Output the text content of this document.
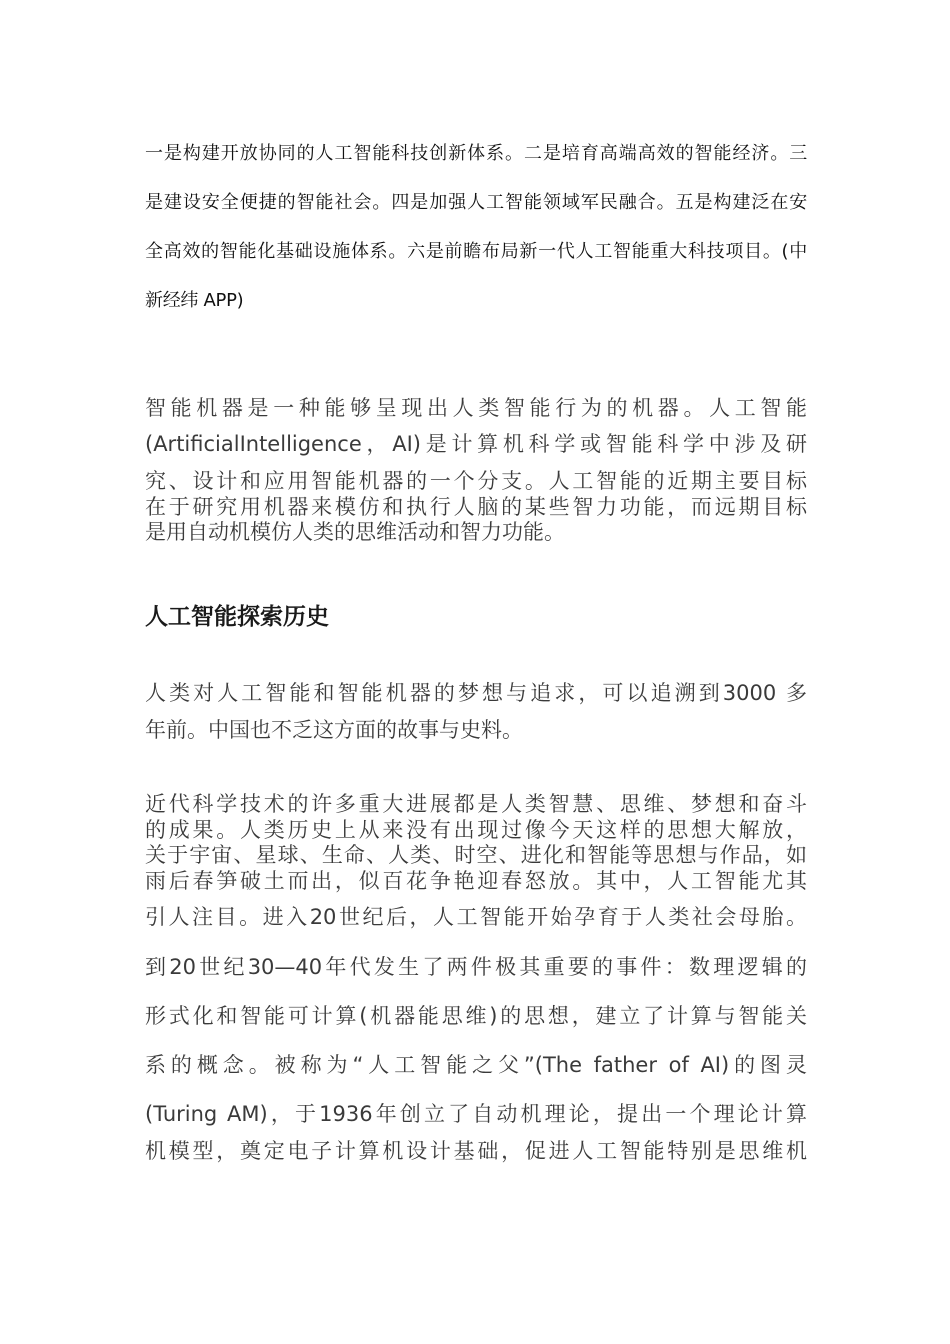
一是构建开放协同的人工智能科技创新体系。二是培育高端高效的智能经济。三
是建设安全便捷的智能社会。四是加强人工智能领域军民融合。五是构建泛在安
全高效的智能化基础设施体系。六是前瞻布局新一代人工智能重大科技项目。(中
新经纬 APP)
智能机器是一种能够呈现出人类智能行为的机器。人工智能
(ArtificialIntelligence，AI)是计算机科学或智能科学中涉及研
究、设计和应用智能机器的一个分支。人工智能的近期主要目标
在于研究用机器来模仿和执行人脑的某些智力功能，而远期目标
是用自动机模仿人类的思维活动和智力功能。
人工智能探索历史
人类对人工智能和智能机器的梦想与追求，可以追溯到3000 多
年前。中国也不乏这方面的故事与史料。
近代科学技术的许多重大进展都是人类智慧、思维、梦想和奋斗
的成果。人类历史上从来没有出现过像今天这样的思想大解放，
关于宇宙、星球、生命、人类、时空、进化和智能等思想与作品，如
雨后春笋破土而出，似百花争艳迎春怒放。其中，人工智能尤其
引人注目。进入20世纪后，人工智能开始孕育于人类社会母胎。
到20世纪30—40年代发生了两件极其重要的事件：数理逻辑的
形式化和智能可计算(机器能思维)的思想，建立了计算与智能关
系的概念。被称为“人工智能之父”(The father of AI)的图灵
(Turing AM)，于1936年创立了自动机理论，提出一个理论计算
机模型，奠定电子计算机设计基础，促进人工智能特别是思维机
